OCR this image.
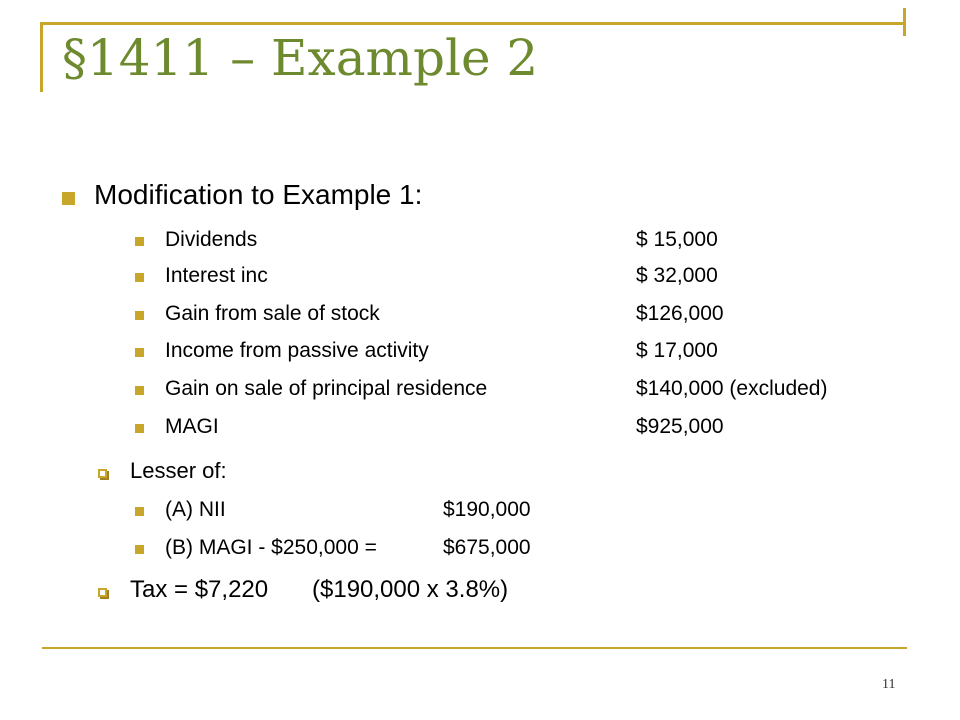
§1411 – Example 2
Modification to Example 1:
Dividends	$ 15,000
Interest inc	$ 32,000
Gain from sale of stock	$126,000
Income from passive activity	$ 17,000
Gain on sale of principal residence	$140,000 (excluded)
MAGI	$925,000
Lesser of:
(A) NII	$190,000
(B) MAGI - $250,000 =	$675,000
Tax = $7,220 ($190,000 x 3.8%)
11
